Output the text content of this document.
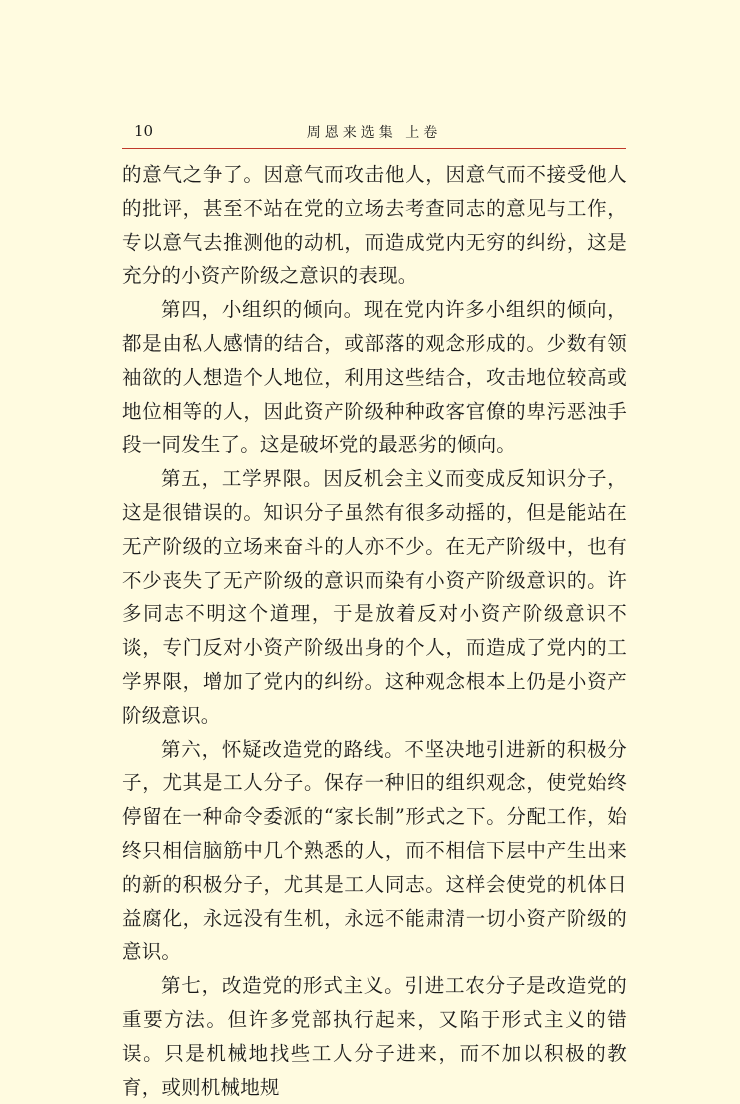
10	周恩来选集 上卷

的意气之争了。因意气而攻击他人，因意气而不接受他人的批评，甚至不站在党的立场去考查同志的意见与工作，专以意气去推测他的动机，而造成党内无穷的纠纷，这是充分的小资产阶级之意识的表现。

第四，小组织的倾向。现在党内许多小组织的倾向，都是由私人感情的结合，或部落的观念形成的。少数有领袖欲的人想造个人地位，利用这些结合，攻击地位较高或地位相等的人，因此资产阶级种种政客官僚的卑污恶浊手段一同发生了。这是破坏党的最恶劣的倾向。

第五，工学界限。因反机会主义而变成反知识分子，这是很错误的。知识分子虽然有很多动摇的，但是能站在无产阶级的立场来奋斗的人亦不少。在无产阶级中，也有不少丧失了无产阶级的意识而染有小资产阶级意识的。许多同志不明这个道理，于是放着反对小资产阶级意识不谈，专门反对小资产阶级出身的个人，而造成了党内的工学界限，增加了党内的纠纷。这种观念根本上仍是小资产阶级意识。

第六，怀疑改造党的路线。不坚决地引进新的积极分子，尤其是工人分子。保存一种旧的组织观念，使党始终停留在一种命令委派的“家长制”形式之下。分配工作，始终只相信脑筋中几个熟悉的人，而不相信下层中产生出来的新的积极分子，尤其是工人同志。这样会使党的机体日益腐化，永远没有生机，永远不能肃清一切小资产阶级的意识。

第七，改造党的形式主义。引进工农分子是改造党的重要方法。但许多党部执行起来，又陷于形式主义的错误。只是机械地找些工人分子进来，而不加以积极的教育，或则机械地规
